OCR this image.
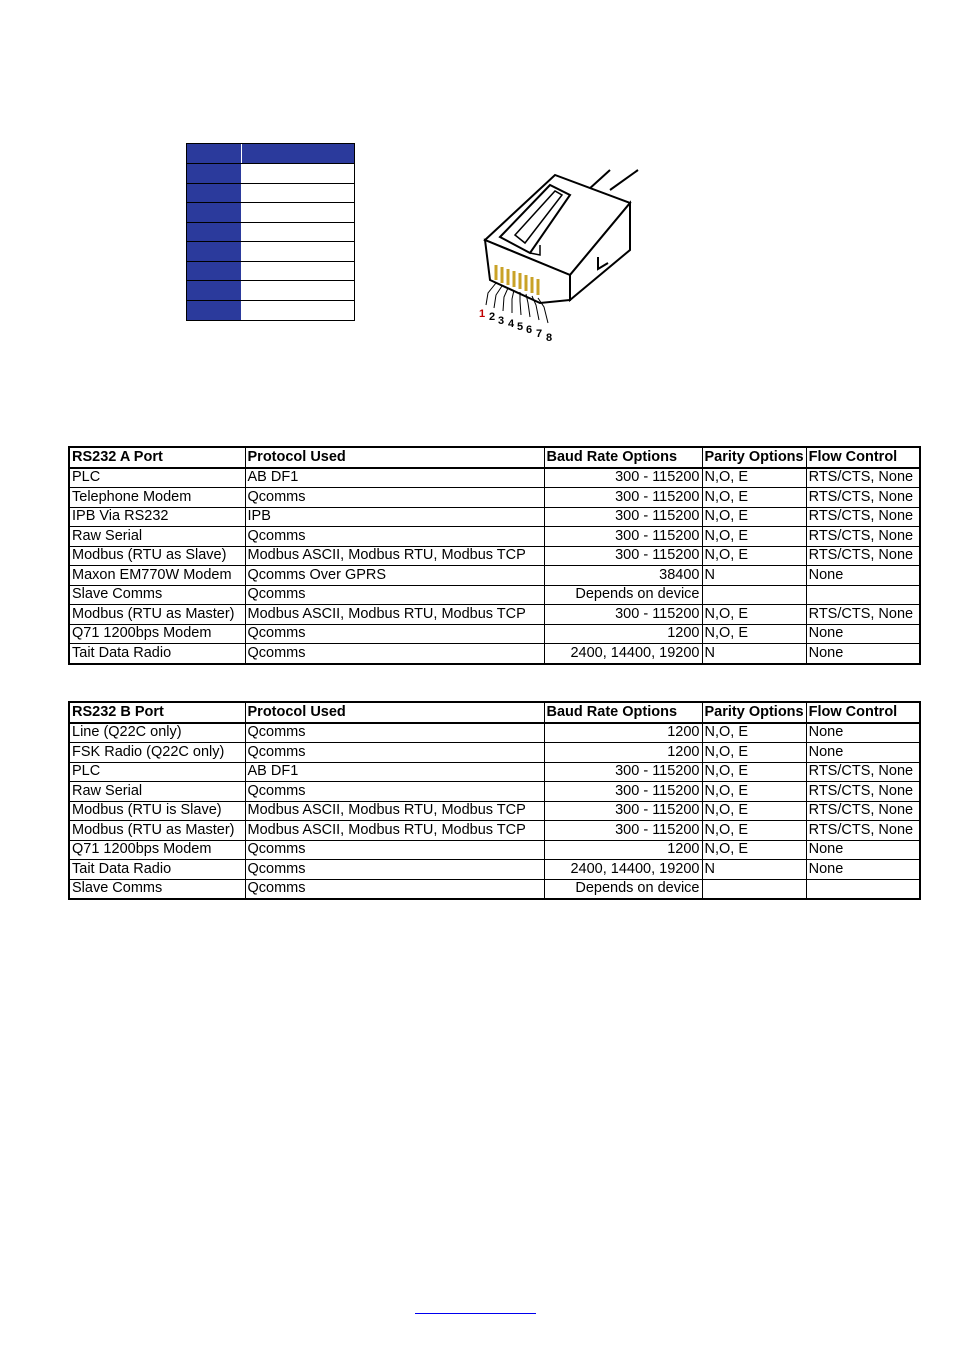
1 2 3 4 5 6 7 8
RS232 A Port	Protocol Used	Baud Rate Options	Parity Options	Flow Control
PLC	AB DF1	300 - 115200	N,O, E	RTS/CTS, None
Telephone Modem	Qcomms	300 - 115200	N,O, E	RTS/CTS, None
IPB Via RS232	IPB	300 - 115200	N,O, E	RTS/CTS, None
Raw Serial	Qcomms	300 - 115200	N,O, E	RTS/CTS, None
Modbus (RTU as Slave)	Modbus ASCII, Modbus RTU, Modbus TCP	300 - 115200	N,O, E	RTS/CTS, None
Maxon EM770W Modem	Qcomms Over GPRS	38400	N	None
Slave Comms	Qcomms	Depends on device		
Modbus (RTU as Master)	Modbus ASCII, Modbus RTU, Modbus TCP	300 - 115200	N,O, E	RTS/CTS, None
Q71 1200bps Modem	Qcomms	1200	N,O, E	None
Tait Data Radio	Qcomms	2400, 14400, 19200	N	None
RS232 B Port	Protocol Used	Baud Rate Options	Parity Options	Flow Control
Line (Q22C only)	Qcomms	1200	N,O, E	None
FSK Radio (Q22C only)	Qcomms	1200	N,O, E	None
PLC	AB DF1	300 - 115200	N,O, E	RTS/CTS, None
Raw Serial	Qcomms	300 - 115200	N,O, E	RTS/CTS, None
Modbus (RTU is Slave)	Modbus ASCII, Modbus RTU, Modbus TCP	300 - 115200	N,O, E	RTS/CTS, None
Modbus (RTU as Master)	Modbus ASCII, Modbus RTU, Modbus TCP	300 - 115200	N,O, E	RTS/CTS, None
Q71 1200bps Modem	Qcomms	1200	N,O, E	None
Tait Data Radio	Qcomms	2400, 14400, 19200	N	None
Slave Comms	Qcomms	Depends on device		
